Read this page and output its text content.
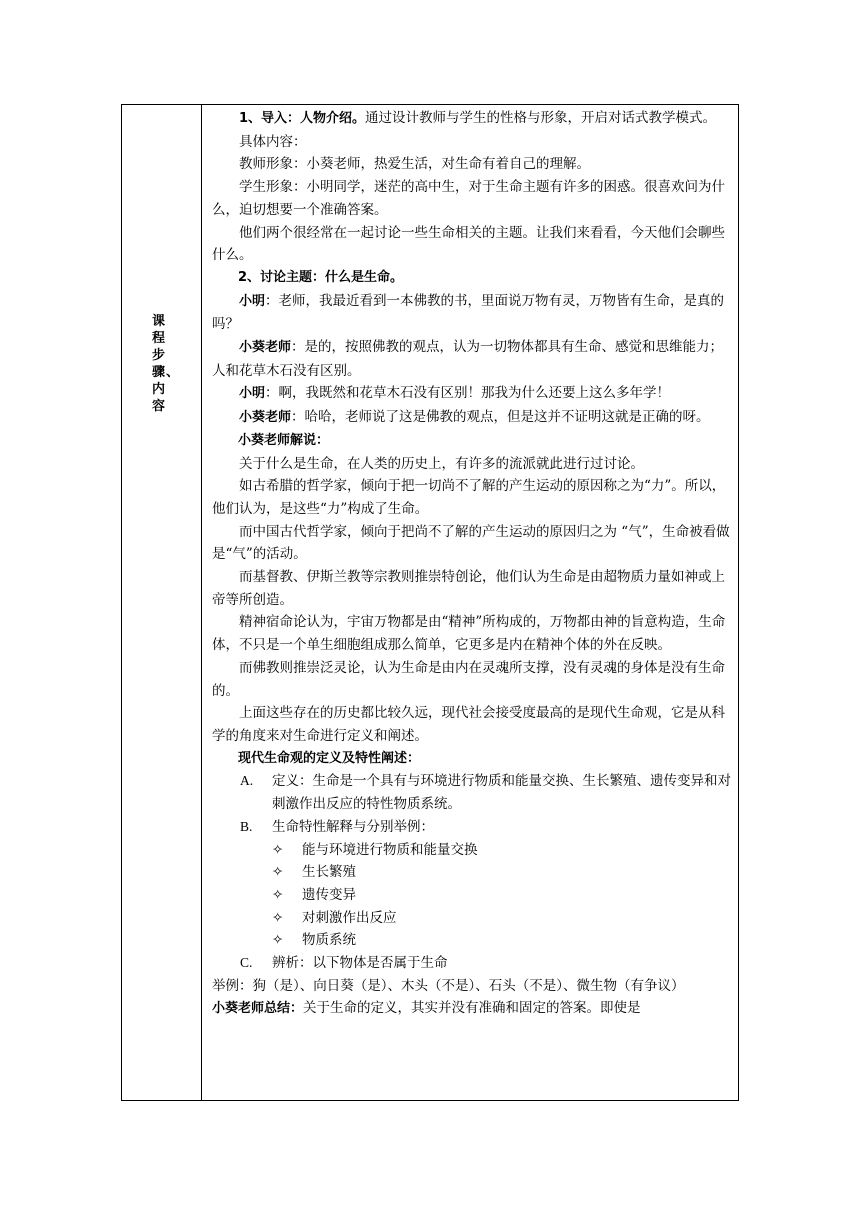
课程步骤、内容

1、导入：人物介绍。通过设计教师与学生的性格与形象，开启对话式教学模式。

具体内容：

教师形象：小葵老师，热爱生活，对生命有着自己的理解。

学生形象：小明同学，迷茫的高中生，对于生命主题有许多的困惑。很喜欢问为什么，迫切想要一个准确答案。

他们两个很经常在一起讨论一些生命相关的主题。让我们来看看，今天他们会聊些什么。

2、讨论主题：什么是生命。

小明：老师，我最近看到一本佛教的书，里面说万物有灵，万物皆有生命，是真的吗？

小葵老师：是的，按照佛教的观点，认为一切物体都具有生命、感觉和思维能力；人和花草木石没有区别。

小明：啊，我既然和花草木石没有区别！那我为什么还要上这么多年学！

小葵老师：哈哈，老师说了这是佛教的观点，但是这并不证明这就是正确的呀。

小葵老师解说：

关于什么是生命，在人类的历史上，有许多的流派就此进行过讨论。

如古希腊的哲学家，倾向于把一切尚不了解的产生运动的原因称之为“力”。所以，他们认为，是这些“力”构成了生命。

而中国古代哲学家，倾向于把尚不了解的产生运动的原因归之为 “气”，生命被看做是“气”的活动。

而基督教、伊斯兰教等宗教则推崇特创论，他们认为生命是由超物质力量如神或上帝等所创造。

精神宿命论认为，宇宙万物都是由“精神”所构成的，万物都由神的旨意构造，生命体，不只是一个单生细胞组成那么简单，它更多是内在精神个体的外在反映。

而佛教则推崇泛灵论，认为生命是由内在灵魂所支撑，没有灵魂的身体是没有生命的。

上面这些存在的历史都比较久远，现代社会接受度最高的是现代生命观，它是从科学的角度来对生命进行定义和阐述。

现代生命观的定义及特性阐述：

A.	定义：生命是一个具有与环境进行物质和能量交换、生长繁殖、遗传变异和对刺激作出反应的特性物质系统。
B.	生命特性解释与分别举例：
✧	能与环境进行物质和能量交换
✧	生长繁殖
✧	遗传变异
✧	对刺激作出反应
✧	物质系统
C.	辨析：以下物体是否属于生命

举例：狗（是）、向日葵（是）、木头（不是）、石头（不是）、微生物（有争议）

小葵老师总结：关于生命的定义，其实并没有准确和固定的答案。即使是
